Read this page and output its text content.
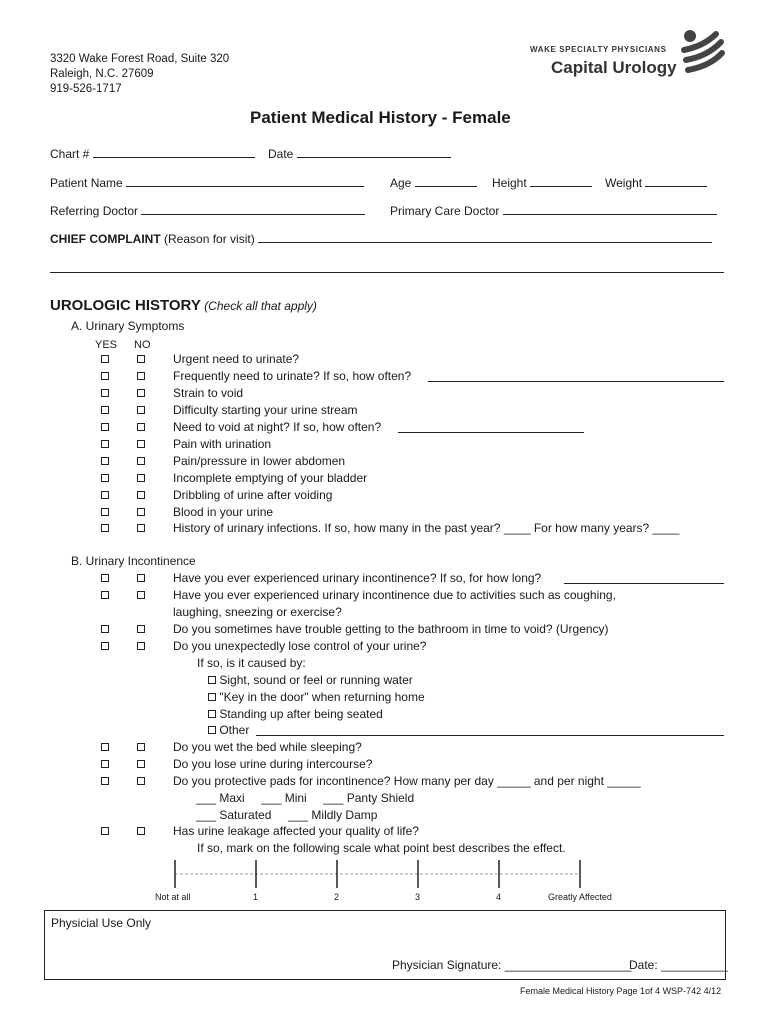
3320 Wake Forest Road, Suite 320
Raleigh, N.C. 27609
919-526-1717
WAKE SPECIALTY PHYSICIANS
Capital Urology
Patient Medical History - Female
Chart #	Date
Patient Name	Age	Height	Weight
Referring Doctor	Primary Care Doctor
CHIEF COMPLAINT (Reason for visit)
UROLOGIC HISTORY (Check all that apply)
A. Urinary Symptoms
YES NO
Urgent need to urinate?
Frequently need to urinate? If so, how often?
Strain to void
Difficulty starting your urine stream
Need to void at night? If so, how often?
Pain with urination
Pain/pressure in lower abdomen
Incomplete emptying of your bladder
Dribbling of urine after voiding
Blood in your urine
History of urinary infections. If so, how many in the past year? ____ For how many years? ____
B. Urinary Incontinence
Have you ever experienced urinary incontinence? If so, for how long?
Have you ever experienced urinary incontinence due to activities such as coughing,
laughing, sneezing or exercise?
Do you sometimes have trouble getting to the bathroom in time to void? (Urgency)
Do you unexpectedly lose control of your urine?
If so, is it caused by:
Sight, sound or feel or running water
"Key in the door" when returning home
Standing up after being seated
Other
Do you wet the bed while sleeping?
Do you lose urine during intercourse?
Do you protective pads for incontinence? How many per day _____ and per night _____
___ Maxi     ___ Mini     ___ Panty Shield
___ Saturated     ___ Mildly Damp
Has urine leakage affected your quality of life?
If so, mark on the following scale what point best describes the effect.
Not at all	1	2	3	4	Greatly Affected
Physicial Use Only
Physician Signature: ___________________
Date: __________
Female Medical History Page 1of 4 WSP-742 4/12
